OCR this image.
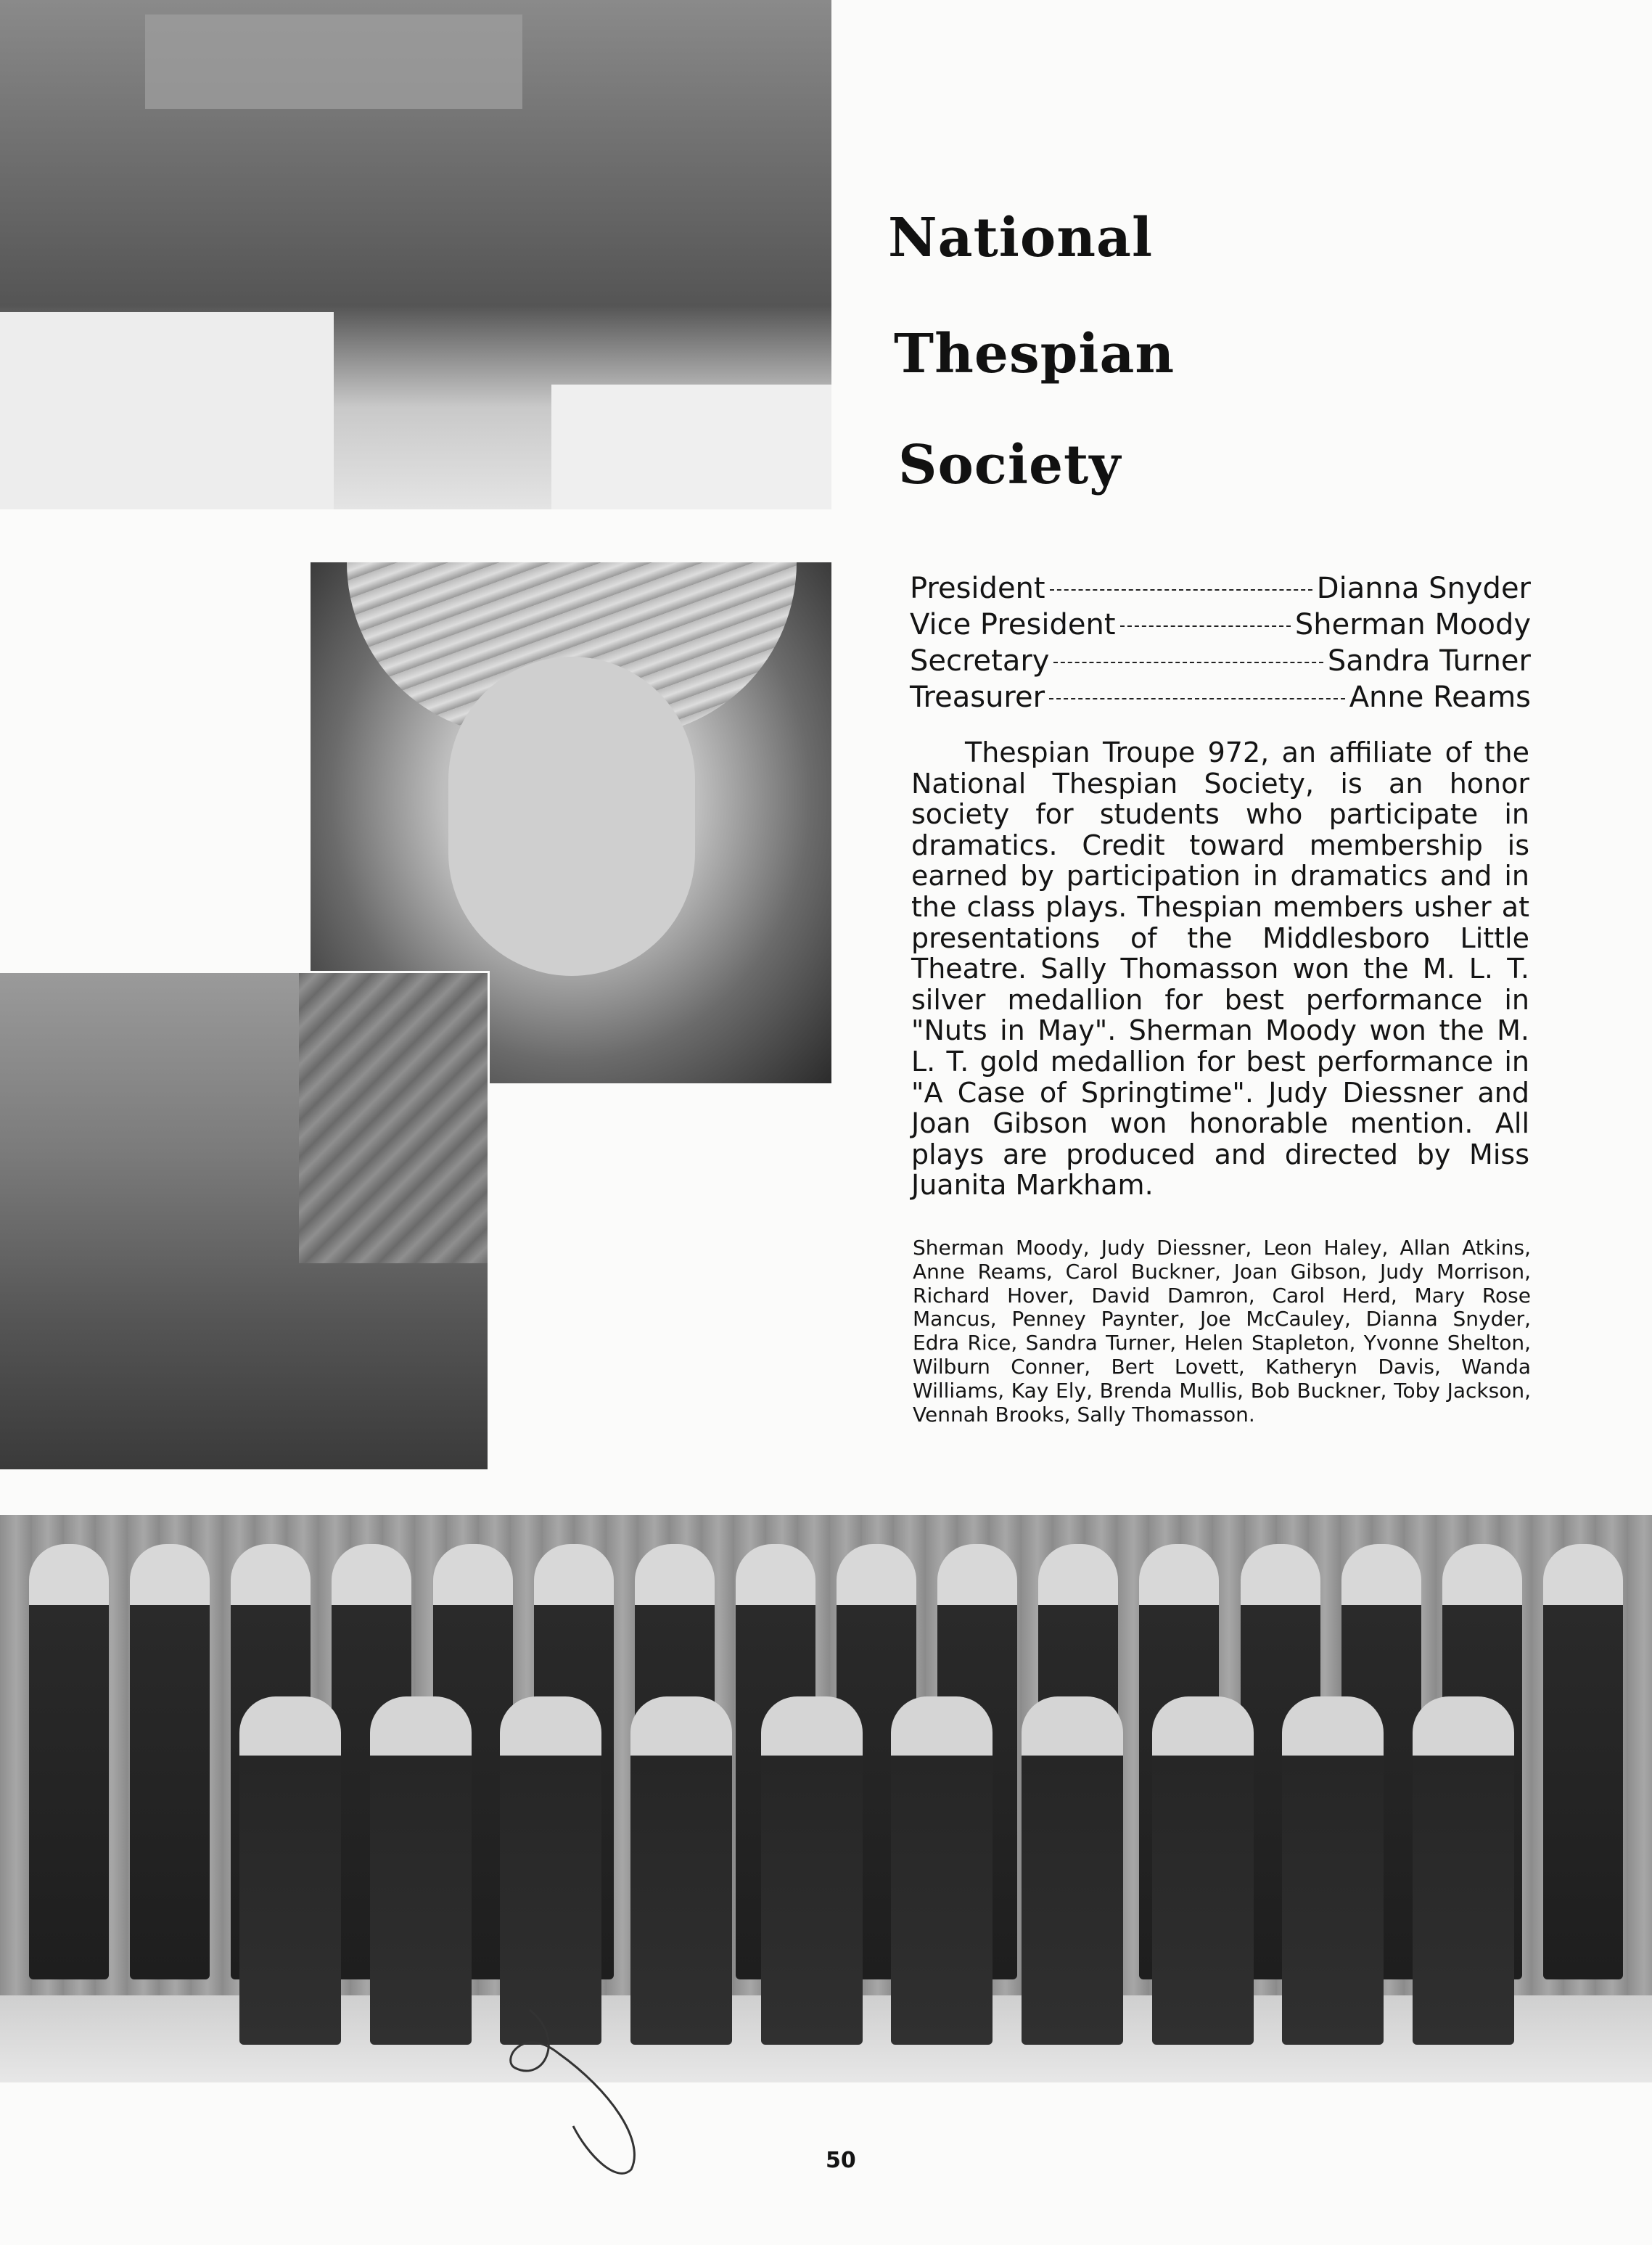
National
Thespian
Society
President	Dianna Snyder
Vice President	Sherman Moody
Secretary	Sandra Turner
Treasurer	Anne Reams

Thespian Troupe 972, an affiliate of the National Thespian Society, is an honor society for students who participate in dramatics. Credit toward membership is earned by participation in dramatics and in the class plays. Thespian members usher at presentations of the Middlesboro Little Theatre. Sally Thomasson won the M. L. T. silver medallion for best performance in "Nuts in May". Sherman Moody won the M. L. T. gold medallion for best performance in "A Case of Springtime". Judy Diessner and Joan Gibson won honorable mention. All plays are produced and directed by Miss Juanita Markham.

Sherman Moody, Judy Diessner, Leon Haley, Allan Atkins, Anne Reams, Carol Buckner, Joan Gibson, Judy Morrison, Richard Hover, David Damron, Carol Herd, Mary Rose Mancus, Penney Paynter, Joe McCauley, Dianna Snyder, Edra Rice, Sandra Turner, Helen Stapleton, Yvonne Shelton, Wilburn Conner, Bert Lovett, Katheryn Davis, Wanda Williams, Kay Ely, Brenda Mullis, Bob Buckner, Toby Jackson, Vennah Brooks, Sally Thomasson.

50
